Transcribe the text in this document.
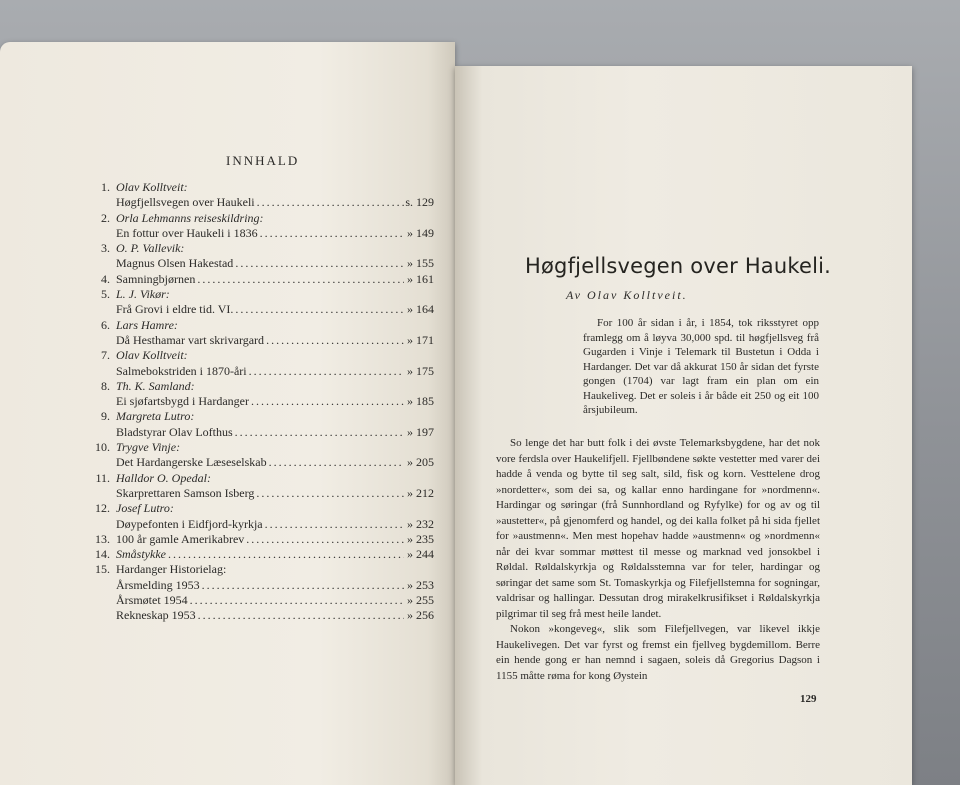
INNHALD
1. Olav Kolltveit:
Høgfjellsvegen over Haukeli .....	s. 129
2. Orla Lehmanns reiseskildring:
En fottur over Haukeli i 1836 .....	» 149
3. O. P. Vallevik:
Magnus Olsen Hakestad .....	» 155
4. Samningbjørnen .....	» 161
5. L. J. Vikør:
Frå Grovi i eldre tid. VI. .....	» 164
6. Lars Hamre:
Då Hesthamar vart skrivargard .....	» 171
7. Olav Kolltveit:
Salmebokstriden i 1870-åri .....	» 175
8. Th. K. Samland:
Ei sjøfartsbygd i Hardanger .....	» 185
9. Margreta Lutro:
Bladstyrar Olav Lofthus .....	» 197
10. Trygve Vinje:
Det Hardangerske Læseselskab .....	» 205
11. Halldor O. Opedal:
Skarprettaren Samson Isberg .....	» 212
12. Josef Lutro:
Døypefonten i Eidfjord-kyrkja .....	» 232
13. 100 år gamle Amerikabrev .....	» 235
14. Småstykke .....	» 244
15. Hardanger Historielag:
Årsmelding 1953 .....	» 253
Årsmøtet 1954 .....	» 255
Rekneskap 1953 .....	» 256
Høgfjellsvegen over Haukeli.
Av Olav Kolltveit.

For 100 år sidan i år, i 1854, tok riksstyret opp framlegg om å løyva 30,000 spd. til høgfjellsveg frå Gugarden i Vinje i Telemark til Bustetun i Odda i Hardanger. Det var då akkurat 150 år sidan det fyrste gongen (1704) var lagt fram ein plan om ein Haukeliveg. Det er soleis i år både eit 250 og eit 100 årsjubileum.

So lenge det har butt folk i dei øvste Telemarksbygdene, har det nok vore ferdsla over Haukelifjell. Fjellbøndene søkte vestetter med varer dei hadde å venda og bytte til seg salt, sild, fisk og korn. Vesttelene drog »nordetter«, som dei sa, og kallar enno hardingane for »nordmenn«. Hardingar og søringar (frå Sunnhordland og Ryfylke) for og av og til »austetter«, på gjenomferd og handel, og dei kalla folket på hi sida fjellet for »austmenn«. Men mest hopehav hadde »austmenn« og »nordmenn« når dei kvar sommar møttest til messe og marknad ved jonsokbel i Røldal. Røldalskyrkja og Røldalsstemna var for teler, hardingar og søringar det same som St. Tomaskyrkja og Filefjellstemna for sogningar, valdrisar og hallingar. Dessutan drog mirakelkrusifikset i Røldalskyrkja pilgrimar til seg frå mest heile landet.

Nokon »kongeveg«, slik som Filefjellvegen, var likevel ikkje Haukelivegen. Det var fyrst og fremst ein fjellveg bygdemillom. Berre ein hende gong er han nemnd i sagaen, soleis då Gregorius Dagson i 1155 måtte røma for kong Øystein

129
